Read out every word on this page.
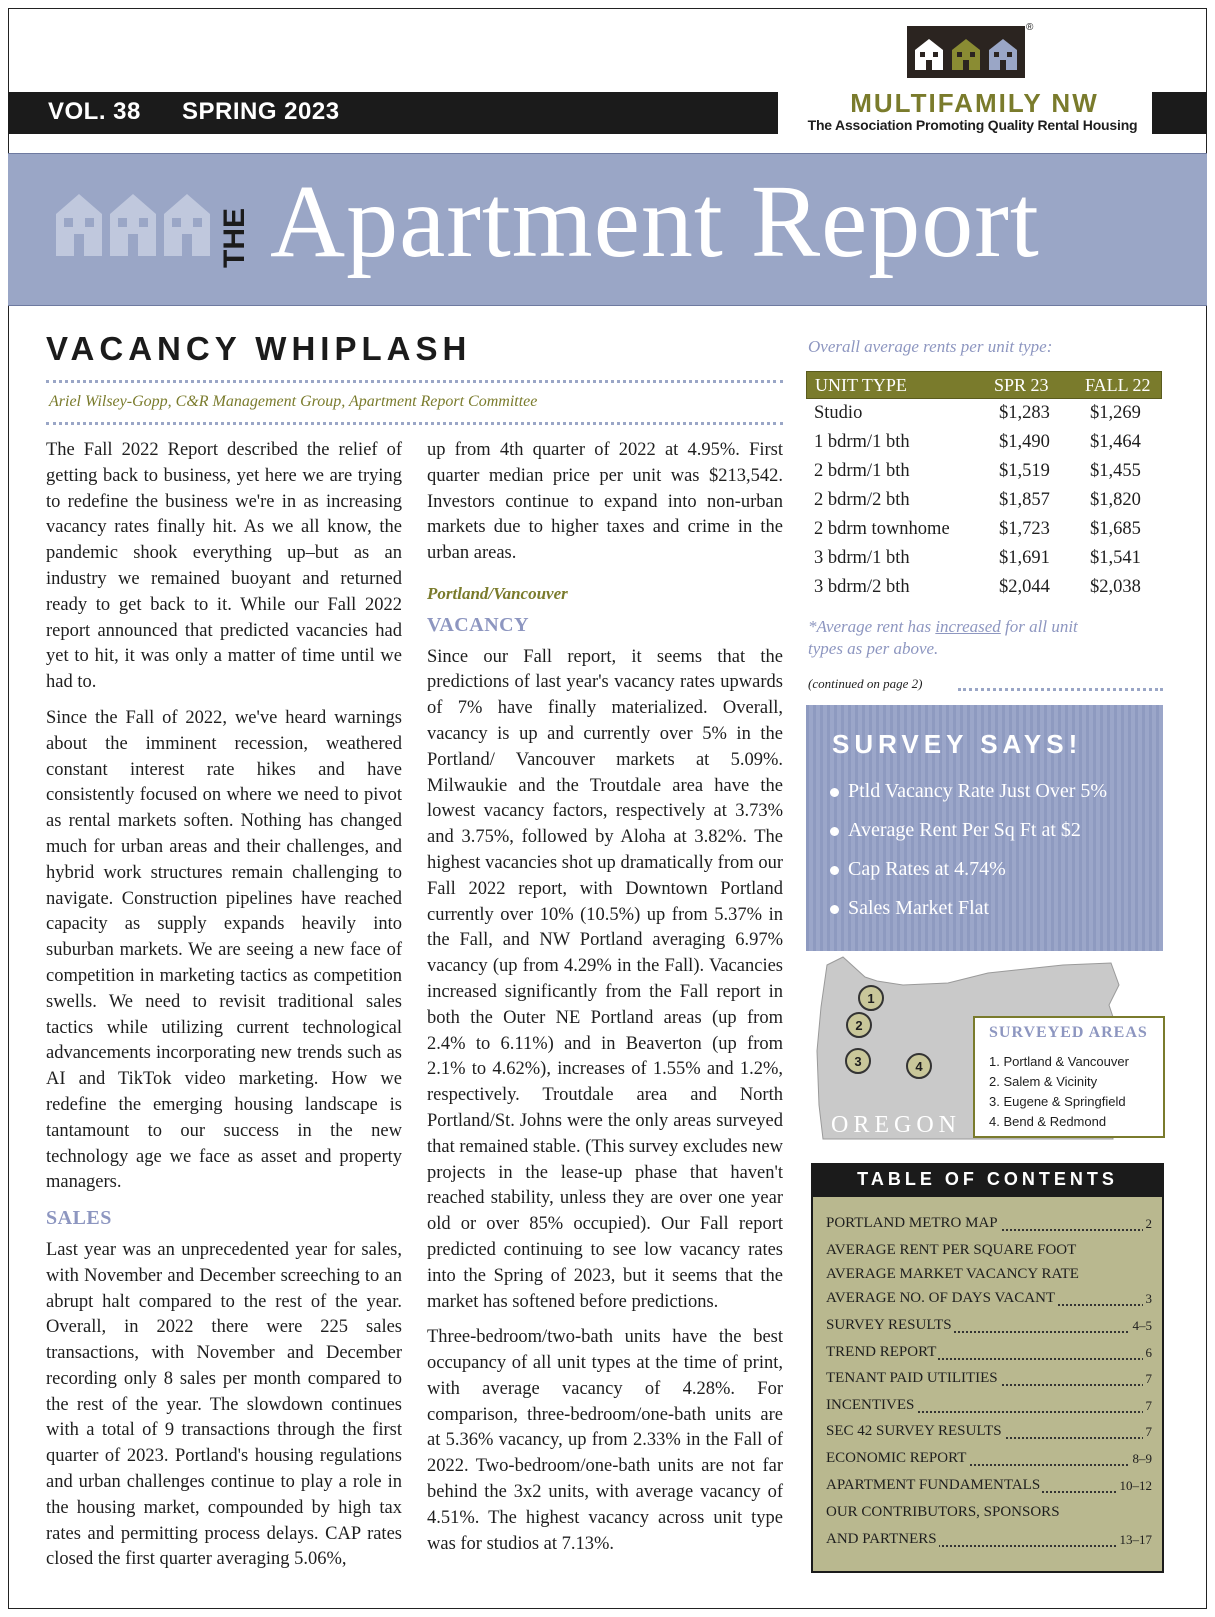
VOL. 38 SPRING 2023
®
MULTIFAMILY NW
The Association Promoting Quality Rental Housing
THE Apartment Report
VACANCY WHIPLASH
Ariel Wilsey-Gopp, C&R Management Group, Apartment Report Committee

The Fall 2022 Report described the relief of getting back to business, yet here we are trying to redefine the business we're in as increasing vacancy rates finally hit. As we all know, the pandemic shook everything up–but as an industry we remained buoyant and returned ready to get back to it. While our Fall 2022 report announced that predicted vacancies had yet to hit, it was only a matter of time until we had to.

Since the Fall of 2022, we've heard warnings about the imminent recession, weathered constant interest rate hikes and have consistently focused on where we need to pivot as rental markets soften. Nothing has changed much for urban areas and their challenges, and hybrid work structures remain challenging to navigate. Construction pipelines have reached capacity as supply expands heavily into suburban markets. We are seeing a new face of competition in marketing tactics as competition swells. We need to revisit traditional sales tactics while utilizing current technological advancements incorporating new trends such as AI and TikTok video marketing. How we redefine the emerging housing landscape is tantamount to our success in the new technology age we face as asset and property managers.

SALES

Last year was an unprecedented year for sales, with November and December screeching to an abrupt halt compared to the rest of the year. Overall, in 2022 there were 225 sales transactions, with November and December recording only 8 sales per month compared to the rest of the year. The slowdown continues with a total of 9 transactions through the first quarter of 2023. Portland's housing regulations and urban challenges continue to play a role in the housing market, compounded by high tax rates and permitting process delays. CAP rates closed the first quarter averaging 5.06%,

up from 4th quarter of 2022 at 4.95%. First quarter median price per unit was $213,542. Investors continue to expand into non-urban markets due to higher taxes and crime in the urban areas.

Portland/Vancouver
VACANCY

Since our Fall report, it seems that the predictions of last year's vacancy rates upwards of 7% have finally materialized. Overall, vacancy is up and currently over 5% in the Portland/ Vancouver markets at 5.09%. Milwaukie and the Troutdale area have the lowest vacancy factors, respectively at 3.73% and 3.75%, followed by Aloha at 3.82%. The highest vacancies shot up dramatically from our Fall 2022 report, with Downtown Portland currently over 10% (10.5%) up from 5.37% in the Fall, and NW Portland averaging 6.97% vacancy (up from 4.29% in the Fall). Vacancies increased significantly from the Fall report in both the Outer NE Portland areas (up from 2.4% to 6.11%) and in Beaverton (up from 2.1% to 4.62%), increases of 1.55% and 1.2%, respectively. Troutdale area and North Portland/St. Johns were the only areas surveyed that remained stable. (This survey excludes new projects in the lease-up phase that haven't reached stability, unless they are over one year old or over 85% occupied). Our Fall report predicted continuing to see low vacancy rates into the Spring of 2023, but it seems that the market has softened before predictions.

Three-bedroom/two-bath units have the best occupancy of all unit types at the time of print, with average vacancy of 4.28%. For comparison, three-bedroom/one-bath units are at 5.36% vacancy, up from 2.33% in the Fall of 2022. Two-bedroom/one-bath units are not far behind the 3x2 units, with average vacancy of 4.51%. The highest vacancy across unit type was for studios at 7.13%.

Overall average rents per unit type:
UNIT TYPE	SPR 23 FALL 22
Studio	$1,283 $1,269
1 bdrm/1 bth	$1,490 $1,464
2 bdrm/1 bth	$1,519 $1,455
2 bdrm/2 bth	$1,857 $1,820
2 bdrm townhome	$1,723 $1,685
3 bdrm/1 bth	$1,691 $1,541
3 bdrm/2 bth	$2,044 $2,038
*Average rent has increased for all unit types as per above.
(continued on page 2)
SURVEY SAYS!
Ptld Vacancy Rate Just Over 5%
Average Rent Per Sq Ft at $2
Cap Rates at 4.74%
Sales Market Flat
OREGON
1
2
3	4
SURVEYED AREAS
1. Portland & Vancouver
2. Salem & Vicinity
3. Eugene & Springfield
4. Bend & Redmond
TABLE OF CONTENTS
PORTLAND METRO MAP	2
AVERAGE RENT PER SQUARE FOOT
AVERAGE MARKET VACANCY RATE
AVERAGE NO. OF DAYS VACANT	3
SURVEY RESULTS	4–5
TREND REPORT	6
TENANT PAID UTILITIES	7
INCENTIVES	7
SEC 42 SURVEY RESULTS	7
ECONOMIC REPORT	8–9
APARTMENT FUNDAMENTALS	10–12
OUR CONTRIBUTORS, SPONSORS
AND PARTNERS	13–17
